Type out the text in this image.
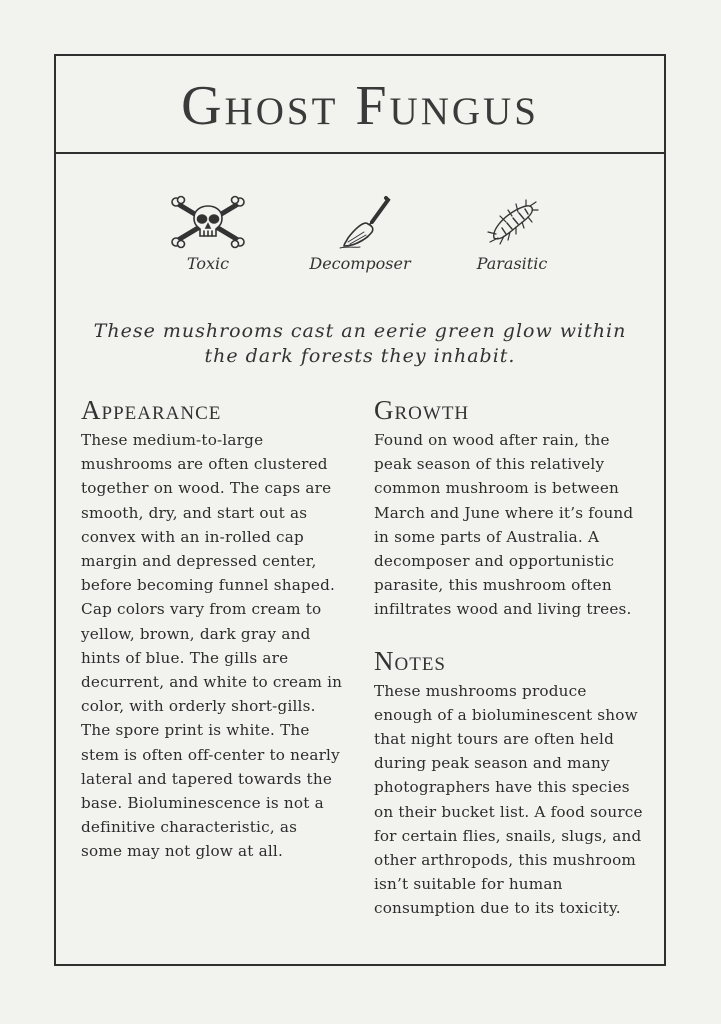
Ghost Fungus
Toxic	Decomposer	Parasitic

These mushrooms cast an eerie green glow within the dark forests they inhabit.

Appearance

These medium-to-large mushrooms are often clustered together on wood. The caps are smooth, dry, and start out as convex with an in-rolled cap margin and depressed center, before becoming funnel shaped. Cap colors vary from cream to yellow, brown, dark gray and hints of blue. The gills are decurrent, and white to cream in color, with orderly short-gills. The spore print is white. The stem is often off-center to nearly lateral and tapered towards the base. Bioluminescence is not a definitive characteristic, as some may not glow at all.

Growth

Found on wood after rain, the peak season of this relatively common mushroom is between March and June where it’s found in some parts of Australia. A decomposer and opportunistic parasite, this mushroom often infiltrates wood and living trees.

Notes

These mushrooms produce enough of a bioluminescent show that night tours are often held during peak season and many photographers have this species on their bucket list. A food source for certain flies, snails, slugs, and other arthropods, this mushroom isn’t suitable for human consumption due to its toxicity.
